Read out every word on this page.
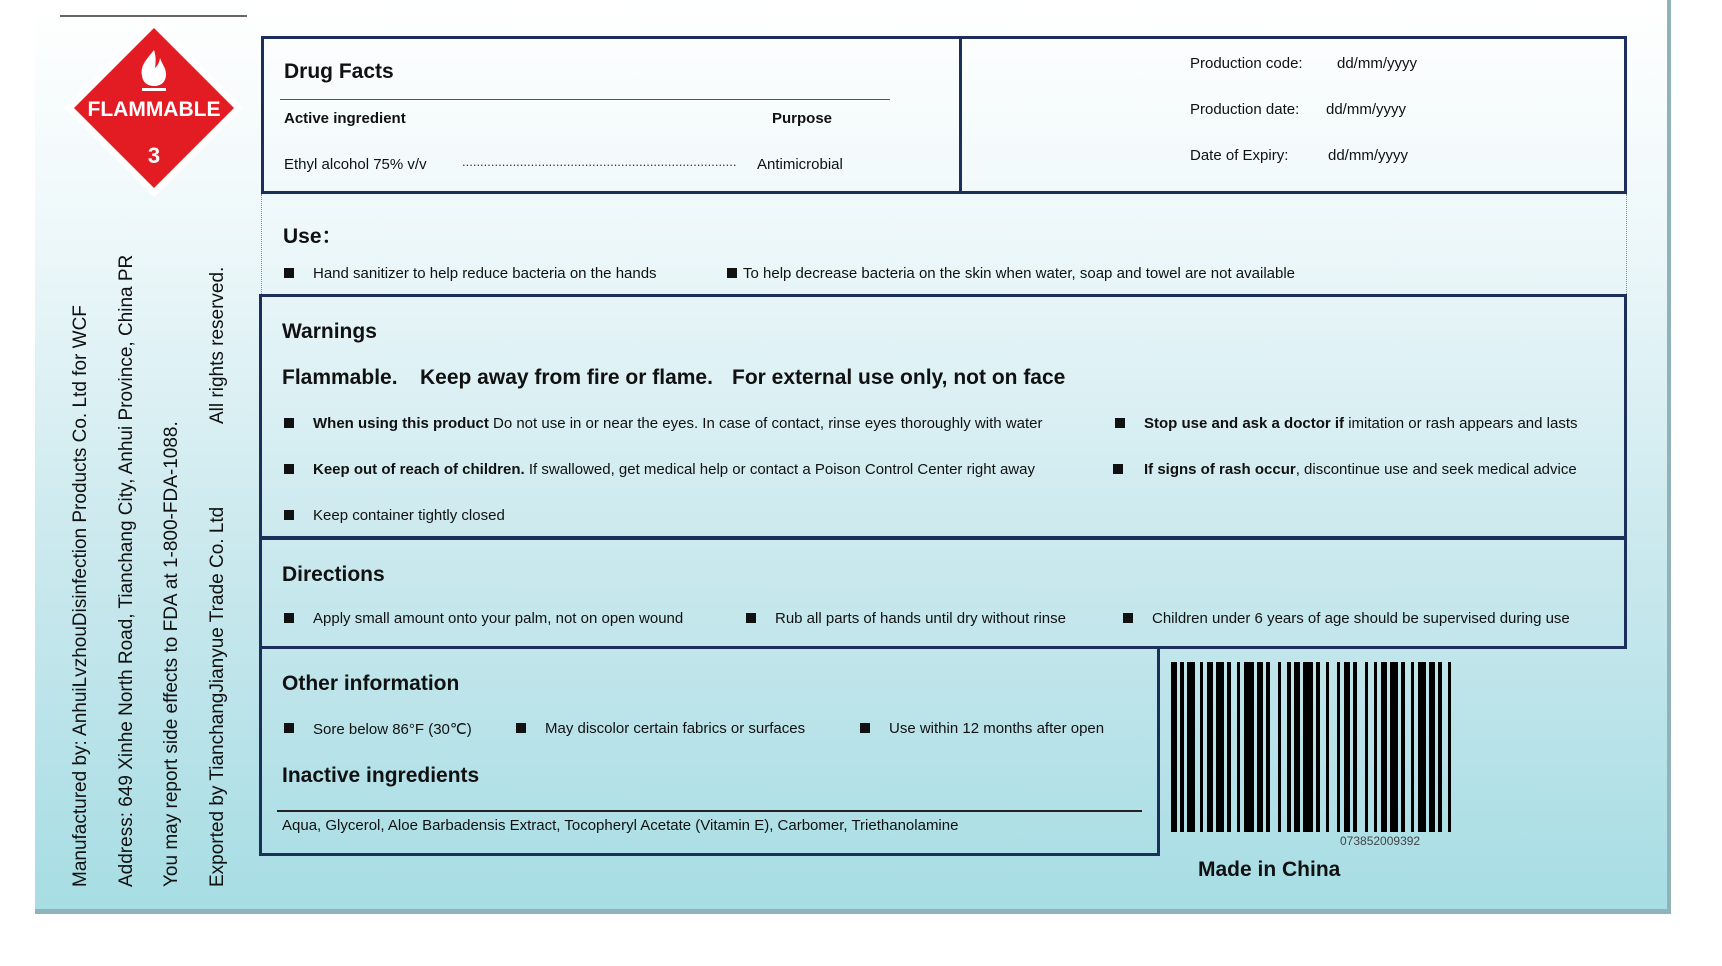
FLAMMABLE
3
Manufactured by: AnhuiLvzhouDisinfection Products Co. Ltd for WCF Address: 649 Xinhe North Road, Tianchang City, Anhui Province, China PR You may report side effects to FDA at 1-800-FDA-1088. Exported by TianchangJianyue Trade Co. Ltd
All rights reserved.
Drug Facts
Active ingredient	Purpose
Ethyl alcohol 75% v/v	............................................................................ Antimicrobial
Production code: dd/mm/yyyy
Production date: dd/mm/yyyy
Date of Expiry:	dd/mm/yyyy
Use：
Hand sanitizer to help reduce bacteria on the hands	To help decrease bacteria on the skin when water, soap and towel are not available
Warnings
Flammable. Keep away from fire or flame. For external use only, not on face
When using this product Do not use in or near the eyes. In case of contact, rinse eyes thoroughly with water	Stop use and ask a doctor if imitation or rash appears and lasts
Keep out of reach of children. If swallowed, get medical help or contact a Poison Control Center right away	If signs of rash occur, discontinue use and seek medical advice
Keep container tightly closed
Directions
Apply small amount onto your palm, not on open wound	Rub all parts of hands until dry without rinse	Children under 6 years of age should be supervised during use
Other information
Sore below 86°F (30℃)	May discolor certain fabrics or surfaces	Use within 12 months after open
Inactive ingredients
Aqua, Glycerol, Aloe Barbadensis Extract, Tocopheryl Acetate (Vitamin E), Carbomer, Triethanolamine
073852009392
Made in China
